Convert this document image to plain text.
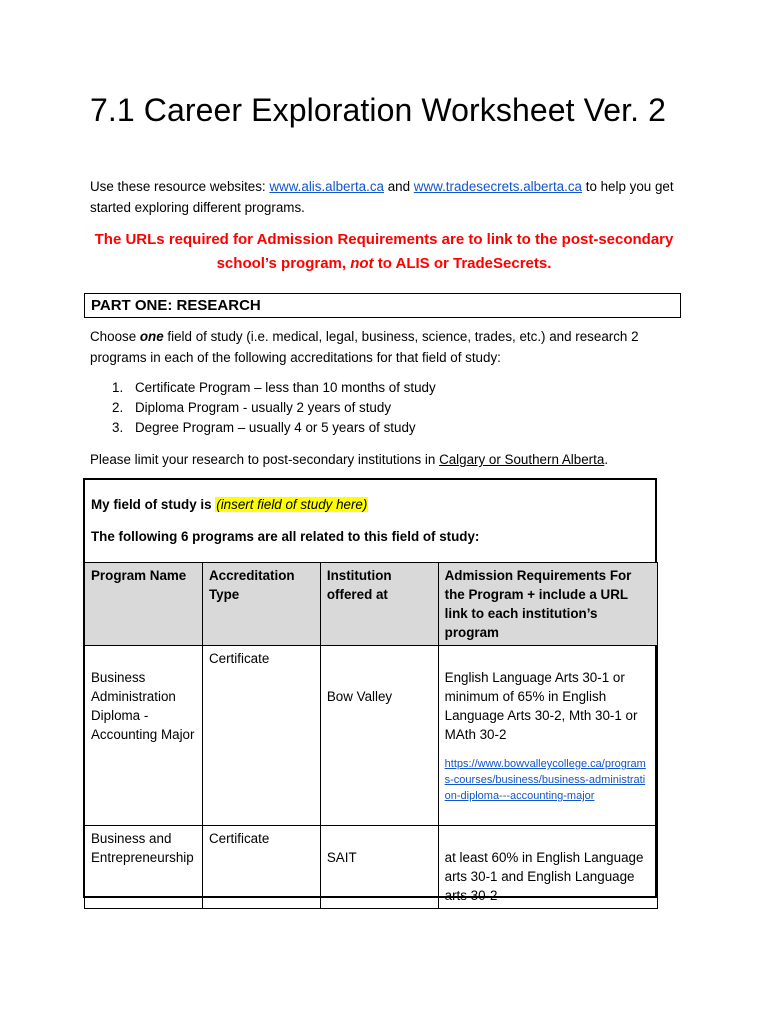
7.1 Career Exploration Worksheet Ver. 2
Use these resource websites: www.alis.alberta.ca and www.tradesecrets.alberta.ca to help you get started exploring different programs.
The URLs required for Admission Requirements are to link to the post-secondary school’s program, not to ALIS or TradeSecrets.
PART ONE: RESEARCH
Choose one field of study (i.e. medical, legal, business, science, trades, etc.) and research 2 programs in each of the following accreditations for that field of study:
1. Certificate Program – less than 10 months of study
2. Diploma Program - usually 2 years of study
3. Degree Program – usually 4 or 5 years of study
Please limit your research to post-secondary institutions in Calgary or Southern Alberta.
My field of study is (insert field of study here)
The following 6 programs are all related to this field of study:
Program Name	Accreditation Type	Institution offered at	Admission Requirements For the Program + include a URL link to each institution’s program

Business Administration Diploma - Accounting Major	Certificate	Bow Valley	English Language Arts 30-1 or minimum of 65% in English Language Arts 30-2, Mth 30-1 or MAth 30-2
https://www.bowvalleycollege.ca/programs-courses/business/business-administration-diploma---accounting-major

Business and Entrepreneurship	Certificate	SAIT	at least 60% in English Language arts 30-1 and English Language arts 30-2
